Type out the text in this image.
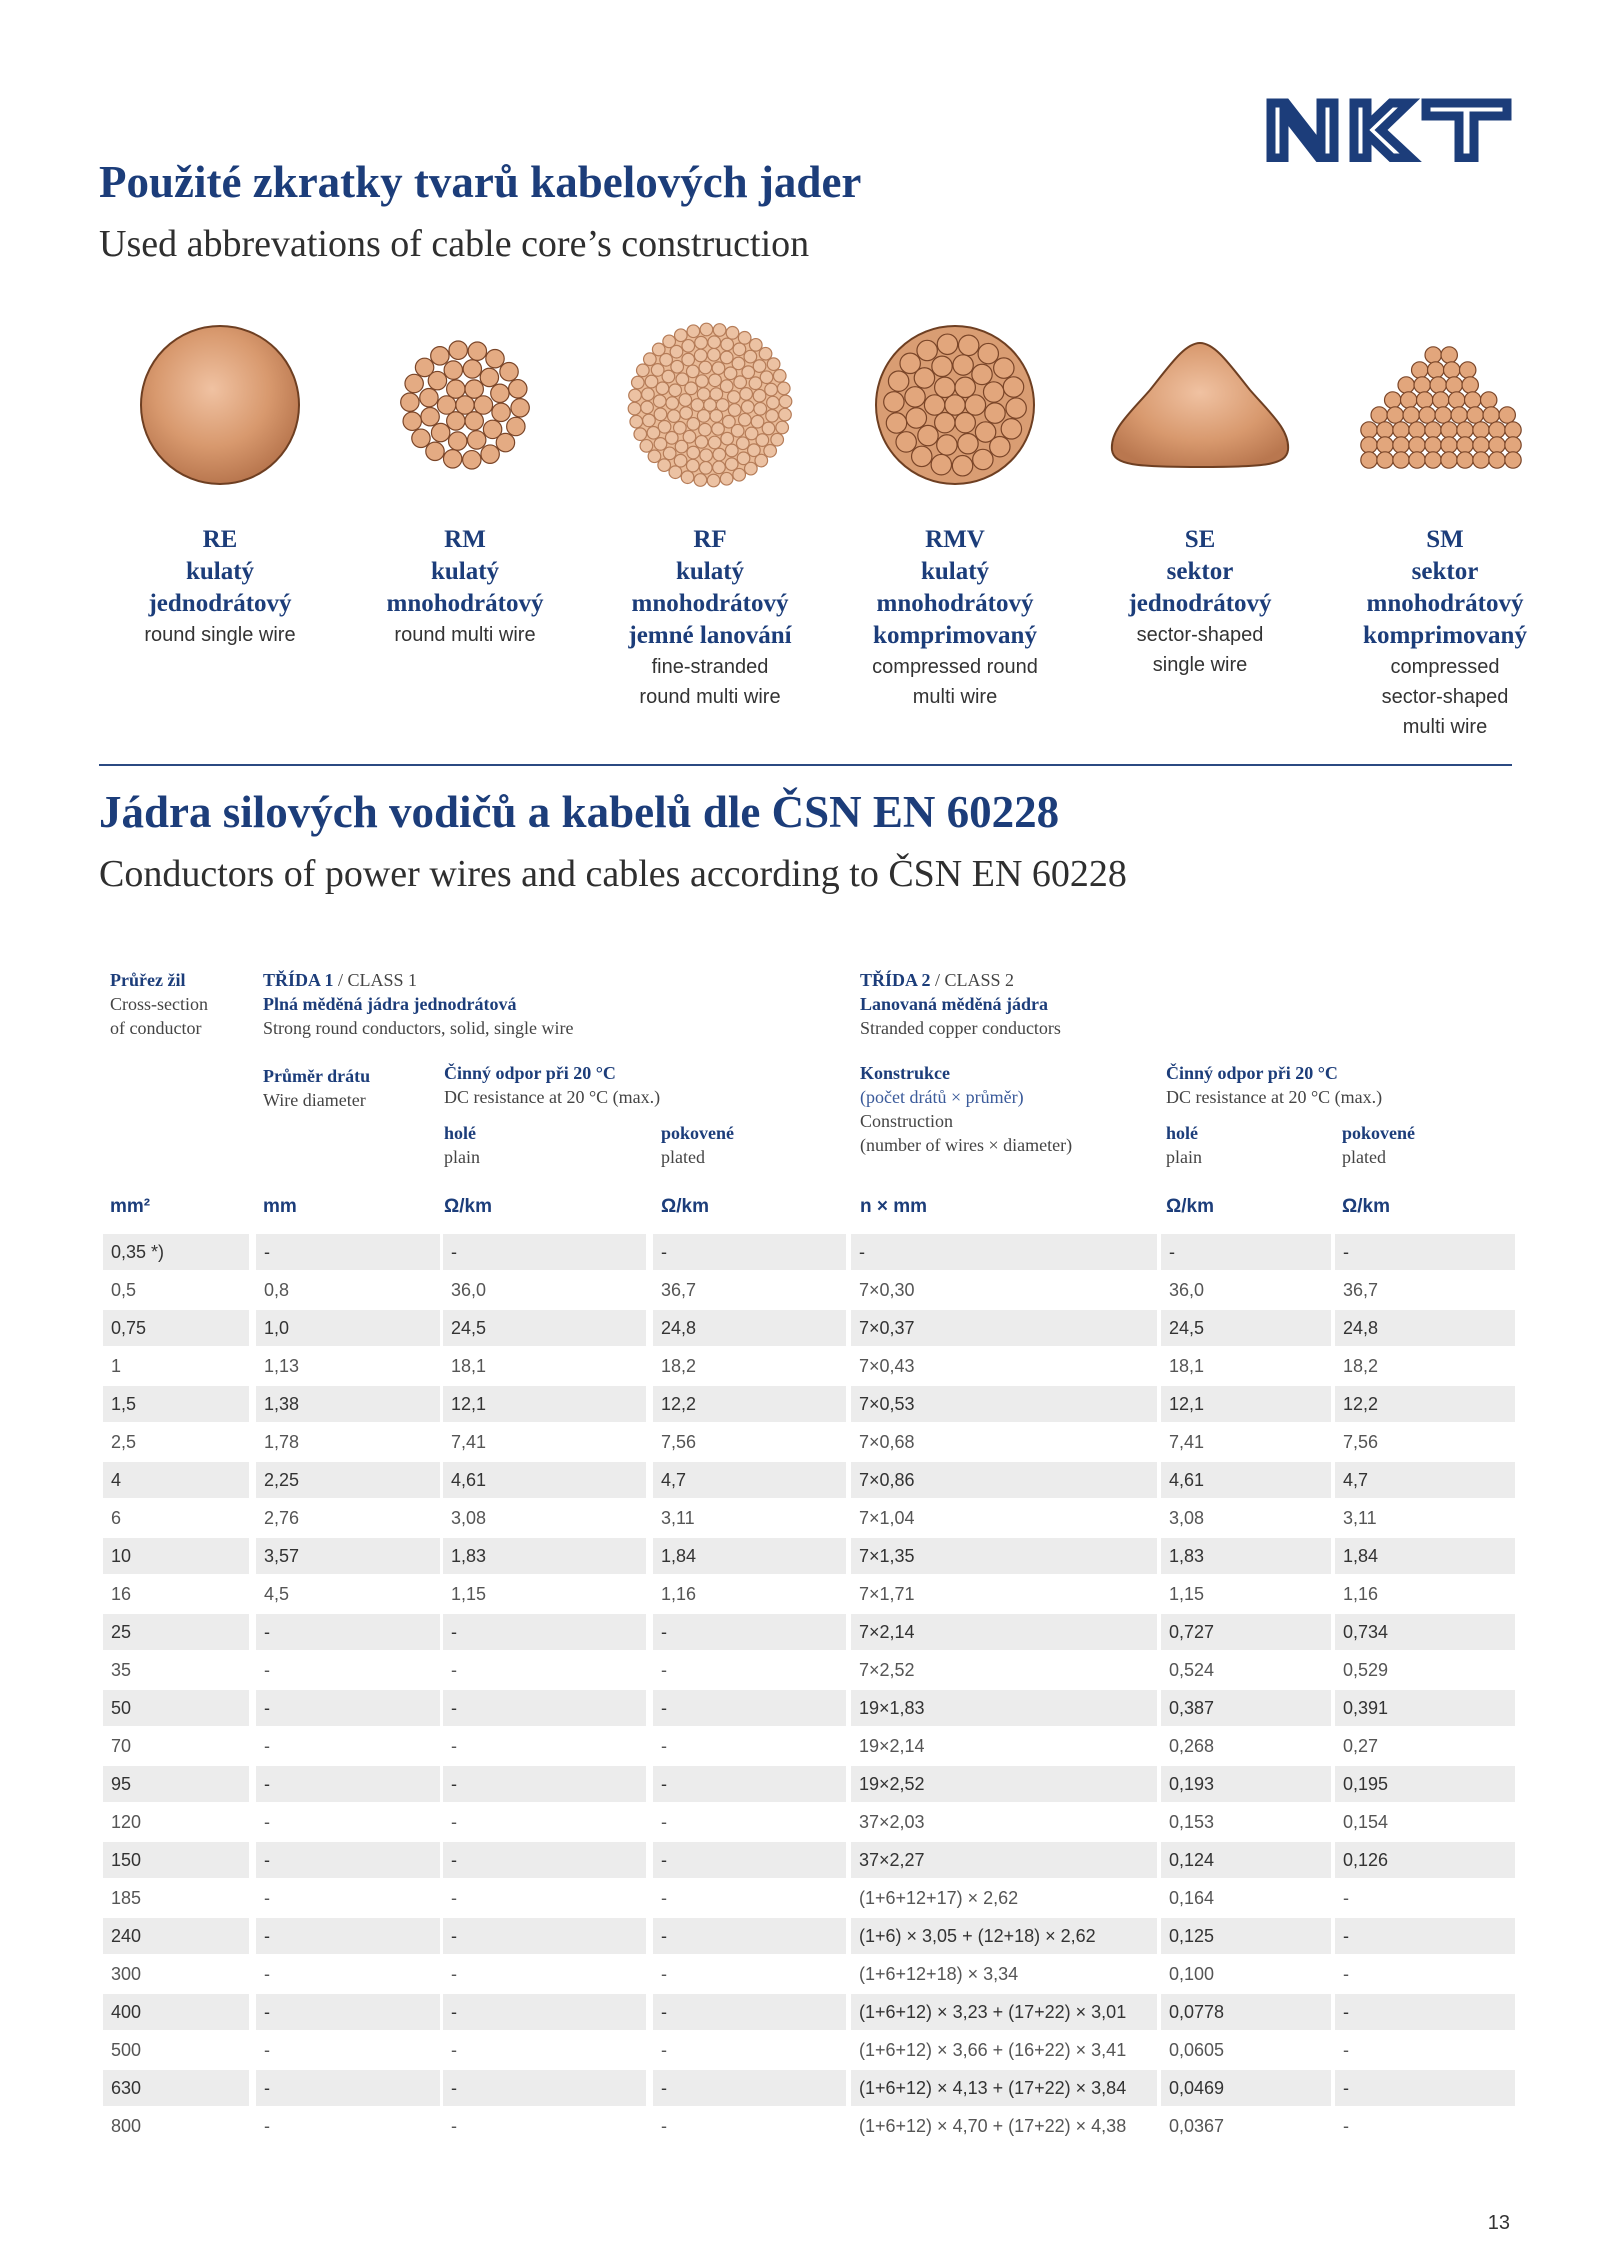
Použité zkratky tvarů kabelových jader
Used abbrevations of cable core’s construction
RE
kulatý
jednodrátový
round single wire
RM
kulatý
mnohodrátový
round multi wire
RF
kulatý
mnohodrátový
jemné lanování
fine-stranded
round multi wire
RMV
kulatý
mnohodrátový
komprimovaný
compressed round
multi wire
SE
sektor
jednodrátový
sector-shaped
single wire
SM
sektor
mnohodrátový
komprimovaný
compressed
sector-shaped
multi wire
Jádra silových vodičů a kabelů dle ČSN EN 60228
Conductors of power wires and cables according to ČSN EN 60228
Průřez žil
Cross-section
of conductor
TŘÍDA 1 / CLASS 1
Plná měděná jádra jednodrátová
Strong round conductors, solid, single wire
TŘÍDA 2 / CLASS 2
Lanovaná měděná jádra
Stranded copper conductors
Průměr drátu
Wire diameter
Činný odpor při 20 °C
DC resistance at 20 °C (max.)
holé
plain
pokovené
plated
Konstrukce
(počet drátů × průměr)
Construction
(number of wires × diameter)
Činný odpor při 20 °C
DC resistance at 20 °C (max.)
holé
plain
pokovené
plated
mm²	mm	Ω/km	Ω/km	n × mm	Ω/km	Ω/km
0,35 *)	-	-	-	-	-	-
0,5	0,8	36,0	36,7	7×0,30	36,0	36,7
0,75	1,0	24,5	24,8	7×0,37	24,5	24,8
1	1,13	18,1	18,2	7×0,43	18,1	18,2
1,5	1,38	12,1	12,2	7×0,53	12,1	12,2
2,5	1,78	7,41	7,56	7×0,68	7,41	7,56
4	2,25	4,61	4,7	7×0,86	4,61	4,7
6	2,76	3,08	3,11	7×1,04	3,08	3,11
10	3,57	1,83	1,84	7×1,35	1,83	1,84
16	4,5	1,15	1,16	7×1,71	1,15	1,16
25	-	-	-	7×2,14	0,727	0,734
35	-	-	-	7×2,52	0,524	0,529
50	-	-	-	19×1,83	0,387	0,391
70	-	-	-	19×2,14	0,268	0,27
95	-	-	-	19×2,52	0,193	0,195
120	-	-	-	37×2,03	0,153	0,154
150	-	-	-	37×2,27	0,124	0,126
185	-	-	-	(1+6+12+17) × 2,62	0,164	-
240	-	-	-	(1+6) × 3,05 + (12+18) × 2,62	0,125	-
300	-	-	-	(1+6+12+18) × 3,34	0,100	-
400	-	-	-	(1+6+12) × 3,23 + (17+22) × 3,01	0,0778	-
500	-	-	-	(1+6+12) × 3,66 + (16+22) × 3,41	0,0605	-
630	-	-	-	(1+6+12) × 4,13 + (17+22) × 3,84	0,0469	-
800	-	-	-	(1+6+12) × 4,70 + (17+22) × 4,38	0,0367	-
13
